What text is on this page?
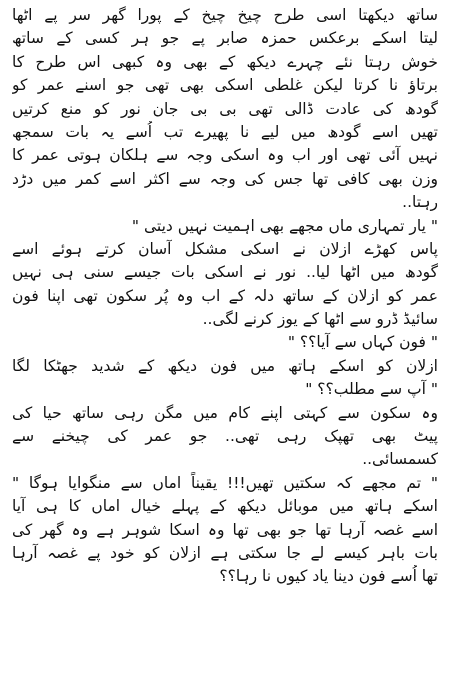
ساتھ دیکھتا اسی طرح چیخ چیخ کے پورا گھر سر پے اٹھا
لیتا اسکے برعکس حمزہ صابر پے جو ہر کسی کے ساتھ
خوش رہتا نئے چہرے دیکھ کے بھی وہ کبھی اس طرح کا
برتاؤ نا کرتا لیکن غلطی اسکی بھی تھی جو اسنے عمر کو
گودھ کی عادت ڈالی تھی بی بی جان نور کو منع کرتیں
تھیں اسے گودھ میں لیے نا پھیرے تب اُسے یہ بات سمجھ
نہیں آئی تھی اور اب وہ اسکی وجہ سے ہلکان ہوتی عمر کا
وزن بھی کافی تھا جس کی وجہ سے اکثر اسے کمر میں دڑد
رہتا..
" یار تمہاری ماں مجھے بھی اہمیت نہیں دیتی "
پاس کھڑے ازلان نے اسکی مشکل آسان کرتے ہوئے اسے
گودھ میں اٹھا لیا.. نور نے اسکی بات جیسے سنی ہی نہیں
عمر کو ازلان کے ساتھ دلہ کے اب وہ پُر سکون تھی اپنا فون
سائیڈ ڈرو سے اٹھا کے یوز کرنے لگی..
" فون کہاں سے آیا؟؟ "
ازلان کو اسکے ہاتھ میں فون دیکھ کے شدید جھٹکا لگا
" آپ سے مطلب؟؟ "
وہ سکون سے کہتی اپنے کام میں مگن رہی ساتھ حیا کی
پیٹ بھی تھپک رہی تھی.. جو عمر کی چیخنے سے
کسمسائی..
" تم مجھے کہ سکتیں تھیں!!! یقیناً اماں سے منگوایا ہوگا "
اسکے ہاتھ میں موبائل دیکھ کے پہلے خیال اماں کا ہی آیا
اسے غصہ آرہا تھا جو بھی تھا وہ اسکا شوہر ہے وہ گھر کی
بات باہر کیسے لے جا سکتی ہے ازلان کو خود پے غصہ آرہا
تھا اُسے فون دینا یاد کیوں نا رہا؟؟
